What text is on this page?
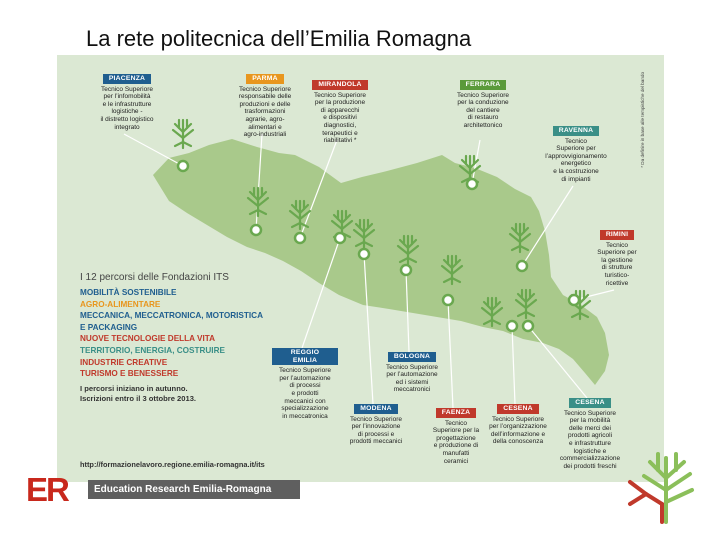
La rete politecnica dell’Emilia Romagna
* Da definire in base alle tempistiche del bando
PIACENZA
Tecnico Superiore
per l’infomobilità
e le infrastrutture
logistiche -
il distretto logistico
integrato
PARMA
Tecnico Superiore
responsabile delle
produzioni e delle
trasformazioni
agrarie, agro-
alimentari e
agro-industriali
MIRANDOLA
Tecnico Superiore
per la produzione
di apparecchi
e dispositivi
diagnostici,
terapeutici e
riabilitativi *
FERRARA
Tecnico Superiore
per la conduzione
del cantiere
di restauro
architettonico
RAVENNA
Tecnico
Superiore per
l’approvvigionamento
energetico
e la costruzione
di impianti
RIMINI
Tecnico
Superiore per
la gestione
di strutture
turistico-ricettive
REGGIO EMILIA
Tecnico Superiore
per l’automazione
di processi
e prodotti
meccanici con
specializzazione
in meccatronica
BOLOGNA
Tecnico Superiore
per l’automazione
ed i sistemi
meccatronici
MODENA
Tecnico Superiore
per l’innovazione
di processi e
prodotti meccanici
FAENZA
Tecnico
Superiore per la
progettazione
e produzione di
manufatti ceramici
CESENA
Tecnico Superiore
per l’organizzazione
dell’informazione e
della conoscenza
CESENA
Tecnico Superiore
per la mobilità
delle merci dei
prodotti agricoli
e infrastrutture
logistiche e
commercializzazione
dei prodotti freschi
I 12 percorsi delle Fondazioni ITS
MOBILITÀ SOSTENIBILE
AGRO-ALIMENTARE
MECCANICA, MECCATRONICA, MOTORISTICA E PACKAGING
NUOVE TECNOLOGIE DELLA VITA
TERRITORIO, ENERGIA, COSTRUIRE
INDUSTRIE CREATIVE
TURISMO E BENESSERE
I percorsi iniziano in autunno.
Iscrizioni entro il 3 ottobre 2013.
http://formazionelavoro.regione.emilia-romagna.it/its
ER	Education Research Emilia-Romagna
